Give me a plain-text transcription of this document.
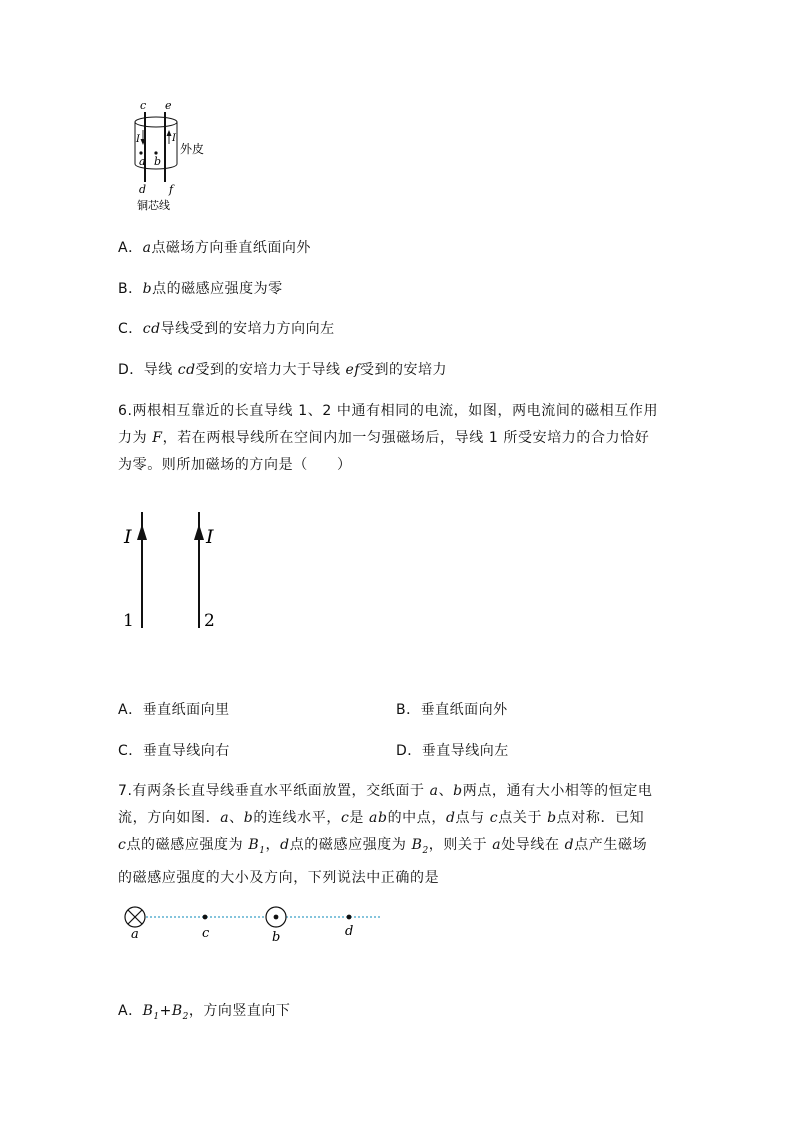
c e
I	I
a b
d f
外皮
铜芯线
A．a点磁场方向垂直纸面向外
B．b点的磁感应强度为零
C．cd导线受到的安培力方向向左
D．导线 cd受到的安培力大于导线 ef受到的安培力
6.两根相互靠近的长直导线 1、2 中通有相同的电流，如图，两电流间的磁相互作用
力为 F，若在两根导线所在空间内加一匀强磁场后，导线 1 所受安培力的合力恰好
为零。则所加磁场的方向是（　　）
I	I
1	2
A．垂直纸面向里	B．垂直纸面向外
C．垂直导线向右	D．垂直导线向左
7.有两条长直导线垂直水平纸面放置，交纸面于 a、b两点，通有大小相等的恒定电
流，方向如图．a、b的连线水平，c是 ab的中点，d点与 c点关于 b点对称．已知
c点的磁感应强度为 $B_1$，d点的磁感应强度为 $B_2$，则关于 a处导线在 d点产生磁场
的磁感应强度的大小及方向，下列说法中正确的是
a	c	b	d
A．$B_1+B_2$，方向竖直向下
